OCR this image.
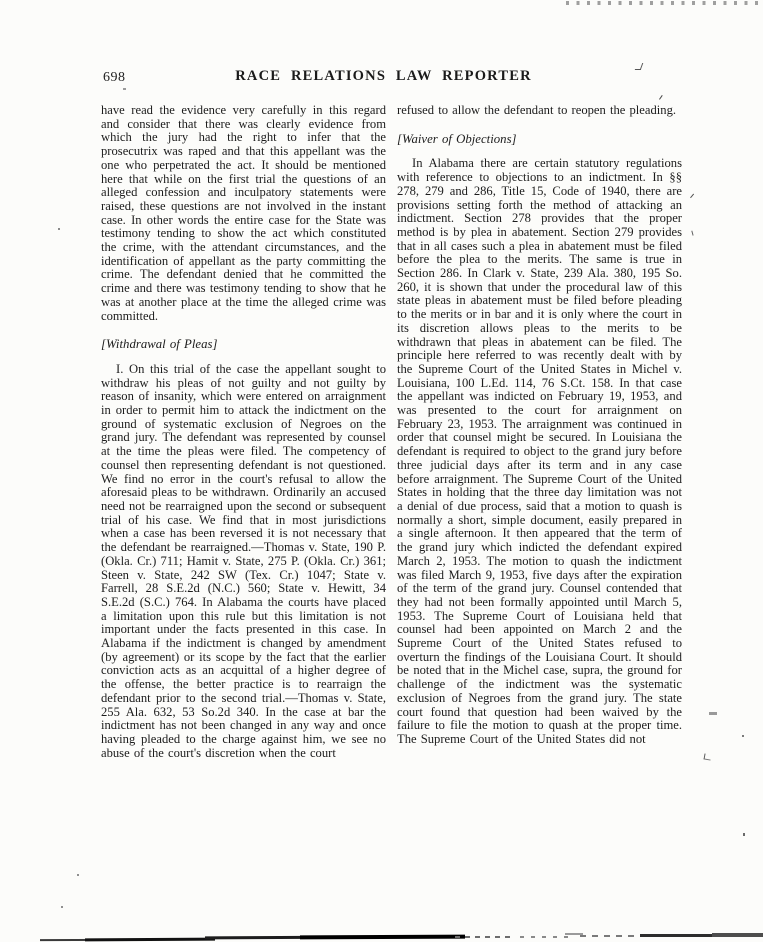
698	RACE RELATIONS LAW REPORTER

have read the evidence very carefully in this regard and consider that there was clearly evidence from which the jury had the right to infer that the prosecutrix was raped and that this appellant was the one who perpetrated the act. It should be mentioned here that while on the first trial the questions of an alleged confession and inculpatory statements were raised, these questions are not involved in the instant case. In other words the entire case for the State was testimony tending to show the act which constituted the crime, with the attendant circumstances, and the identification of appellant as the party committing the crime. The defendant denied that he committed the crime and there was testimony tending to show that he was at another place at the time the alleged crime was committed.

[Withdrawal of Pleas]

I. On this trial of the case the appellant sought to withdraw his pleas of not guilty and not guilty by reason of insanity, which were entered on arraignment in order to permit him to attack the indictment on the ground of systematic exclusion of Negroes on the grand jury. The defendant was represented by counsel at the time the pleas were filed. The competency of counsel then representing defendant is not questioned. We find no error in the court's refusal to allow the aforesaid pleas to be withdrawn. Ordinarily an accused need not be rearraigned upon the second or subsequent trial of his case. We find that in most jurisdictions when a case has been reversed it is not necessary that the defendant be rearraigned.—Thomas v. State, 190 P. (Okla. Cr.) 711; Hamit v. State, 275 P. (Okla. Cr.) 361; Steen v. State, 242 SW (Tex. Cr.) 1047; State v. Farrell, 28 S.E.2d (N.C.) 560; State v. Hewitt, 34 S.E.2d (S.C.) 764. In Alabama the courts have placed a limitation upon this rule but this limitation is not important under the facts presented in this case. In Alabama if the indictment is changed by amendment (by agreement) or its scope by the fact that the earlier conviction acts as an acquittal of a higher degree of the offense, the better practice is to rearraign the defendant prior to the second trial.—Thomas v. State, 255 Ala. 632, 53 So.2d 340. In the case at bar the indictment has not been changed in any way and once having pleaded to the charge against him, we see no abuse of the court's discretion when the court

refused to allow the defendant to reopen the pleading.

[Waiver of Objections]

In Alabama there are certain statutory regulations with reference to objections to an indictment. In §§ 278, 279 and 286, Title 15, Code of 1940, there are provisions setting forth the method of attacking an indictment. Section 278 provides that the proper method is by plea in abatement. Section 279 provides that in all cases such a plea in abatement must be filed before the plea to the merits. The same is true in Section 286. In Clark v. State, 239 Ala. 380, 195 So. 260, it is shown that under the procedural law of this state pleas in abatement must be filed before pleading to the merits or in bar and it is only where the court in its discretion allows pleas to the merits to be withdrawn that pleas in abatement can be filed. The principle here referred to was recently dealt with by the Supreme Court of the United States in Michel v. Louisiana, 100 L.Ed. 114, 76 S.Ct. 158. In that case the appellant was indicted on February 19, 1953, and was presented to the court for arraignment on February 23, 1953. The arraignment was continued in order that counsel might be secured. In Louisiana the defendant is required to object to the grand jury before three judicial days after its term and in any case before arraignment. The Supreme Court of the United States in holding that the three day limitation was not a denial of due process, said that a motion to quash is normally a short, simple document, easily prepared in a single afternoon. It then appeared that the term of the grand jury which indicted the defendant expired March 2, 1953. The motion to quash the indictment was filed March 9, 1953, five days after the expiration of the term of the grand jury. Counsel contended that they had not been formally appointed until March 5, 1953. The Supreme Court of Louisiana held that counsel had been appointed on March 2 and the Supreme Court of the United States refused to overturn the findings of the Louisiana Court. It should be noted that in the Michel case, supra, the ground for challenge of the indictment was the systematic exclusion of Negroes from the grand jury. The state court found that question had been waived by the failure to file the motion to quash at the proper time. The Supreme Court of the United States did not
